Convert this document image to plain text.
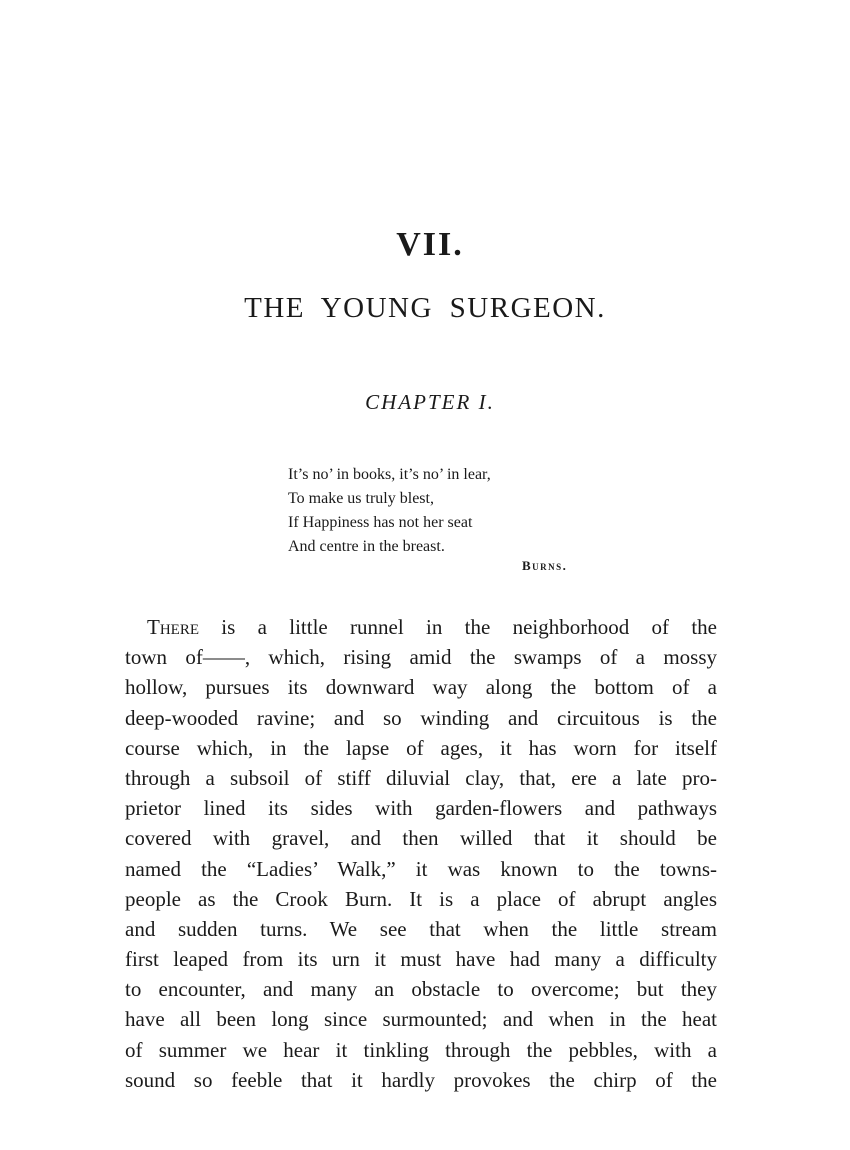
VII.
THE YOUNG SURGEON.
CHAPTER I.
It’s no’ in books, it’s no’ in lear,
To make us truly blest,
If Happiness has not her seat
And centre in the breast.
Burns.
There is a little runnel in the neighborhood of the
town of——, which, rising amid the swamps of a mossy
hollow, pursues its downward way along the bottom of a
deep-wooded ravine; and so winding and circuitous is the
course which, in the lapse of ages, it has worn for itself
through a subsoil of stiff diluvial clay, that, ere a late pro-
prietor lined its sides with garden-flowers and pathways
covered with gravel, and then willed that it should be
named the “Ladies’ Walk,” it was known to the towns-
people as the Crook Burn. It is a place of abrupt angles
and sudden turns. We see that when the little stream
first leaped from its urn it must have had many a difficulty
to encounter, and many an obstacle to overcome; but they
have all been long since surmounted; and when in the heat
of summer we hear it tinkling through the pebbles, with a
sound so feeble that it hardly provokes the chirp of the
